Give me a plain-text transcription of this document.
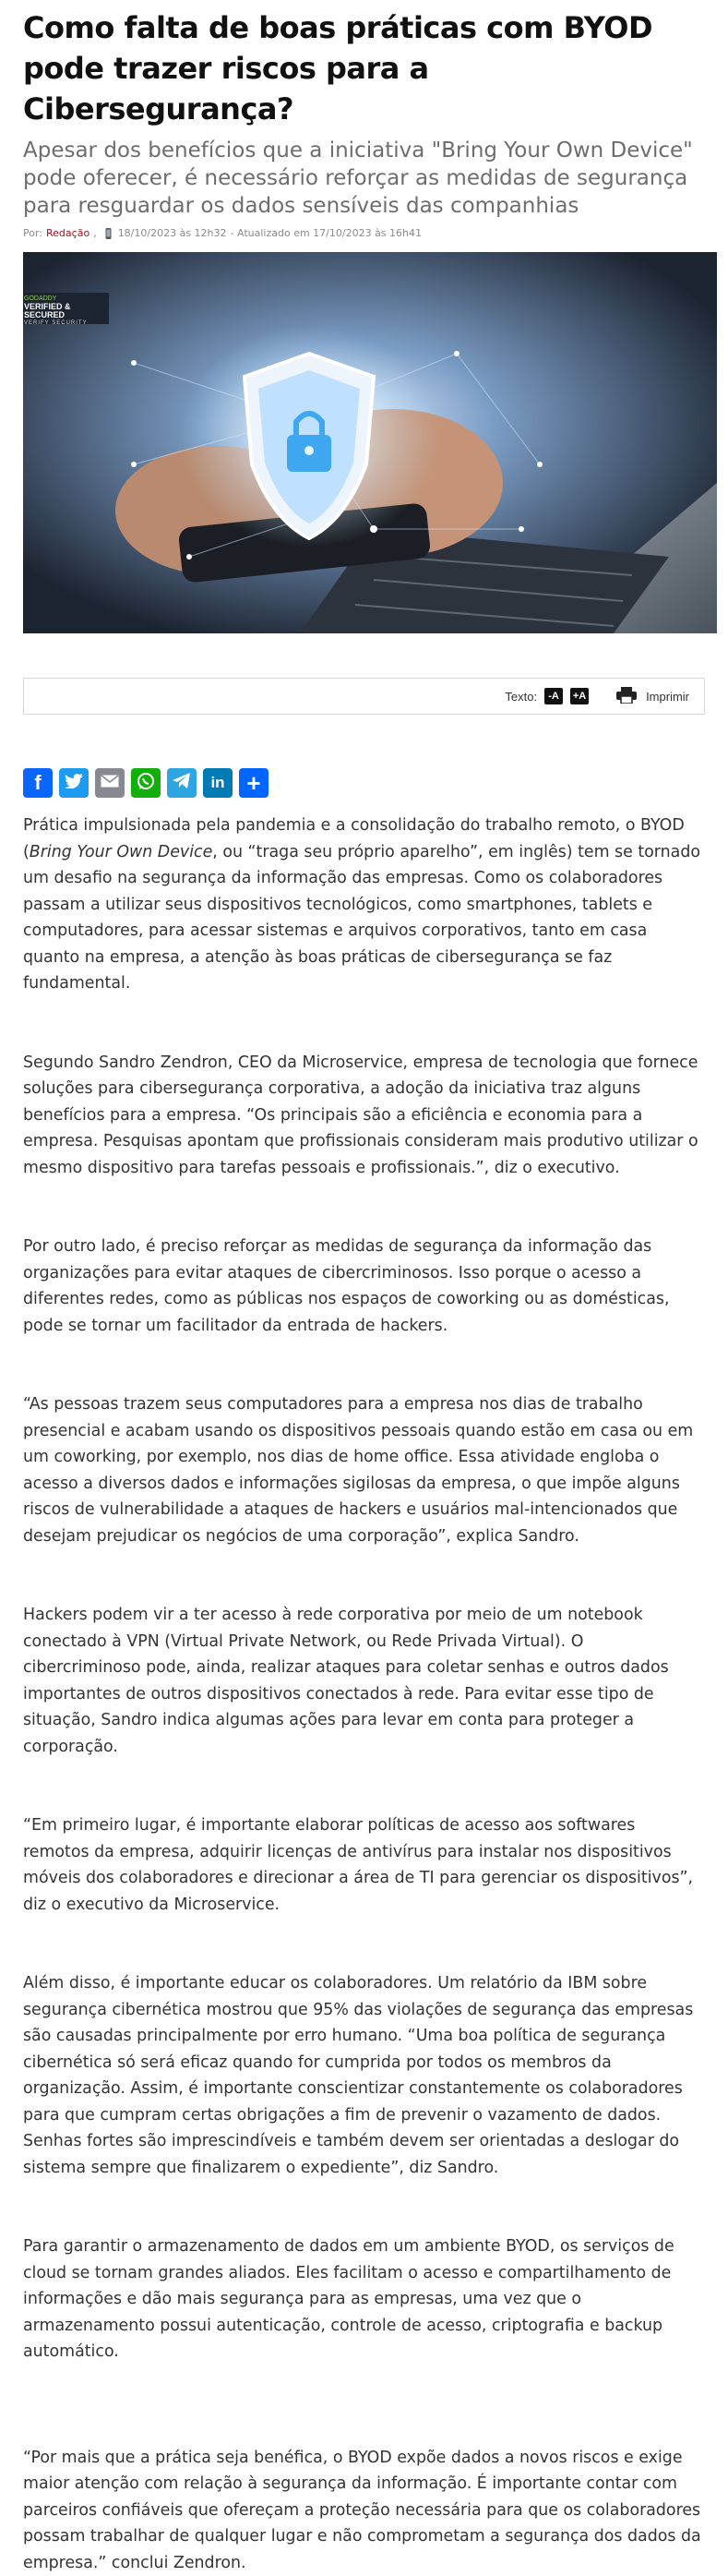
Como falta de boas práticas com BYOD pode trazer riscos para a Cibersegurança?
Apesar dos benefícios que a iniciativa "Bring Your Own Device" pode oferecer, é necessário reforçar as medidas de segurança para resguardar os dados sensíveis das companhias
Por: Redação , 18/10/2023 às 12h32 - Atualizado em 17/10/2023 às 16h41
GODADDY
VERIFIED & SECURED
VERIFY SECURITY
Texto:	-A	+A	Imprimir
f	in +

Prática impulsionada pela pandemia e a consolidação do trabalho remoto, o BYOD (Bring Your Own Device, ou “traga seu próprio aparelho”, em inglês) tem se tornado um desafio na segurança da informação das empresas. Como os colaboradores passam a utilizar seus dispositivos tecnológicos, como smartphones, tablets e computadores, para acessar sistemas e arquivos corporativos, tanto em casa quanto na empresa, a atenção às boas práticas de cibersegurança se faz fundamental.

Segundo Sandro Zendron, CEO da Microservice, empresa de tecnologia que fornece soluções para cibersegurança corporativa, a adoção da iniciativa traz alguns benefícios para a empresa. “Os principais são a eficiência e economia para a empresa. Pesquisas apontam que profissionais consideram mais produtivo utilizar o mesmo dispositivo para tarefas pessoais e profissionais.”, diz o executivo.

Por outro lado, é preciso reforçar as medidas de segurança da informação das organizações para evitar ataques de cibercriminosos. Isso porque o acesso a diferentes redes, como as públicas nos espaços de coworking ou as domésticas, pode se tornar um facilitador da entrada de hackers.

“As pessoas trazem seus computadores para a empresa nos dias de trabalho presencial e acabam usando os dispositivos pessoais quando estão em casa ou em um coworking, por exemplo, nos dias de home office. Essa atividade engloba o acesso a diversos dados e informações sigilosas da empresa, o que impõe alguns riscos de vulnerabilidade a ataques de hackers e usuários mal-intencionados que desejam prejudicar os negócios de uma corporação”, explica Sandro.

Hackers podem vir a ter acesso à rede corporativa por meio de um notebook conectado à VPN (Virtual Private Network, ou Rede Privada Virtual). O cibercriminoso pode, ainda, realizar ataques para coletar senhas e outros dados importantes de outros dispositivos conectados à rede. Para evitar esse tipo de situação, Sandro indica algumas ações para levar em conta para proteger a corporação.

“Em primeiro lugar, é importante elaborar políticas de acesso aos softwares remotos da empresa, adquirir licenças de antivírus para instalar nos dispositivos móveis dos colaboradores e direcionar a área de TI para gerenciar os dispositivos”, diz o executivo da Microservice.

Além disso, é importante educar os colaboradores. Um relatório da IBM sobre segurança cibernética mostrou que 95% das violações de segurança das empresas são causadas principalmente por erro humano. “Uma boa política de segurança cibernética só será eficaz quando for cumprida por todos os membros da organização. Assim, é importante conscientizar constantemente os colaboradores para que cumpram certas obrigações a fim de prevenir o vazamento de dados. Senhas fortes são imprescindíveis e também devem ser orientadas a deslogar do sistema sempre que finalizarem o expediente”, diz Sandro.

Para garantir o armazenamento de dados em um ambiente BYOD, os serviços de cloud se tornam grandes aliados. Eles facilitam o acesso e compartilhamento de informações e dão mais segurança para as empresas, uma vez que o armazenamento possui autenticação, controle de acesso, criptografia e backup automático.

“Por mais que a prática seja benéfica, o BYOD expõe dados a novos riscos e exige maior atenção com relação à segurança da informação. É importante contar com parceiros confiáveis que ofereçam a proteção necessária para que os colaboradores possam trabalhar de qualquer lugar e não comprometam a segurança dos dados da empresa.” conclui Zendron.
